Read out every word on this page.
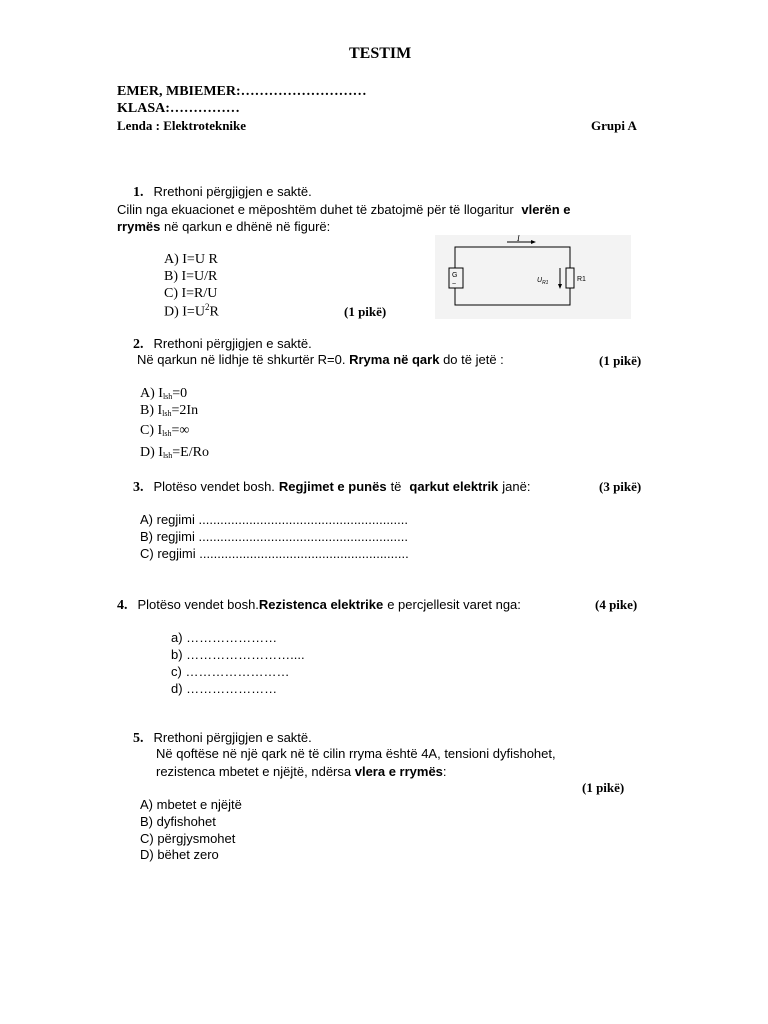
TESTIM
EMER, MBIEMER:………………………
KLASA:……………
Lenda : Elektroteknike	Grupi A
1. Rrethoni përgjigjen e saktë.
Cilin nga ekuacionet e mëposhtëm duhet të zbatojmë për të llogaritur vlerën e
rrymës në qarkun e dhënë në figurë:
A) I=U R
B) I=U/R
C) I=R/U
D) $I=U^2R$	(1 pikë)
I
G
~
$U_{R1}$	R1
2. Rrethoni përgjigjen e saktë.
Në qarkun në lidhje të shkurtër R=0. Rryma në qark do të jetë :	(1 pikë)
A) $I_{lsh}=0$
B) $I_{lsh}=2In$
C) $I_{lsh}=\infty$
D) $I_{lsh}=E/Ro$
3. Plotëso vendet bosh. Regjimet e punës të qarkut elektrik janë:	(3 pikë)
A) regjimi ..........................................................
B) regjimi ..........................................................
C) regjimi ..........................................................
4. Plotëso vendet bosh.Rezistenca elektrike e percjellesit varet nga:	(4 pike)
a) …………………
b) ……………………....
c) ……………………
d) …………………
5. Rrethoni përgjigjen e saktë.
Në qoftëse në një qark në të cilin rryma është 4A, tensioni dyfishohet,
rezistenca mbetet e njëjtë, ndërsa vlera e rrymës:
(1 pikë)
A) mbetet e njëjtë
B) dyfishohet
C) përgjysmohet
D) bëhet zero
